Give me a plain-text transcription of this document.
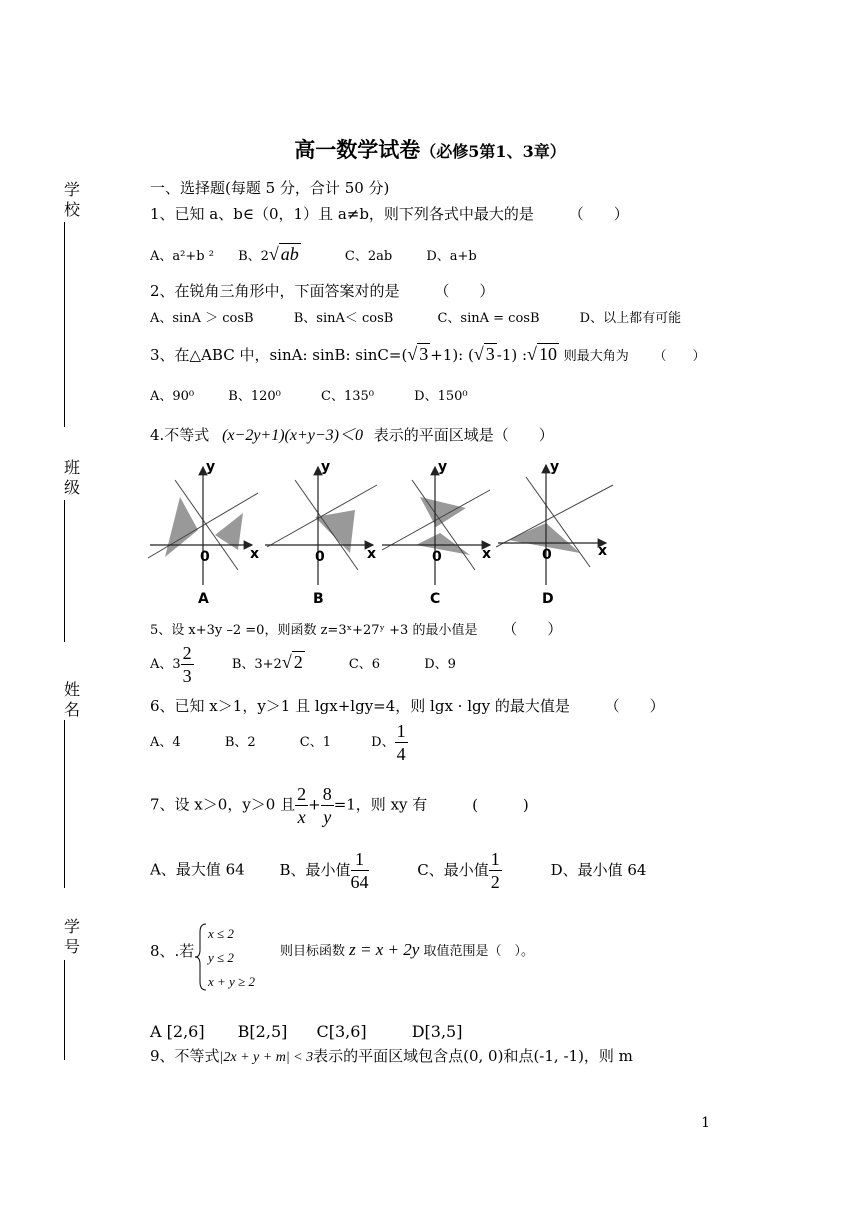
高一数学试卷（必修5第1、3章）
学
校
班
级
姓
名
学
号
一、选择题(每题 5 分，合计 50 分)
1、已知 a、b∈（0，1）且 a≠b，则下列各式中最大的是 （　　）
A、a²+b ² B、2√ ab	C、2ab	D、a+b
2、在锐角三角形中，下面答案对的是 （　　）
A、sinA ＞ cosB	B、sinA＜ cosB	C、sinA = cosB	D、以上都有可能
3、在△ABC 中，sinA: sinB: sinC=(√ 3 +1): (√ 3 -1) :√ 10 则最大角为 （　　）
A、90⁰	B、120⁰	C、135⁰	D、150⁰
4.不等式 (x−2y+1)(x+y−3)＜0 表示的平面区域是（　　）
y
x
0
A
y
x
0
B
y
x
0
C
y
x
0
D
5、设 x+3y –2 =0，则函数 z=3ˣ+27ʸ +3 的最小值是 （　　）
A、$3 \frac{2}{3}$	B、3+2√ 2	C、6	D、9
6、已知 x＞1，y＞1 且 lgx+lgy=4，则 lgx · lgy 的最大值是 （　　）
A、4	B、2	C、1	D、 $\frac{1}{4}$
7、设 x＞0，y＞0 且 $\frac{2}{x} + \frac{8}{y} =1$，则 xy 有	(　　　)
A、最大值 64 B、最小值 $\frac{1}{64}$	C、最小值 $\frac{1}{2}$	D、最小值 64
8、.若
x ≤ 2
y ≤ 2
x + y ≥ 2
则目标函数 z = x + 2y 取值范围是（　）。
A [2,6] B[2,5] C[3,6]	D[3,5]
9、不等式|2x + y + m| < 3表示的平面区域包含点(0, 0)和点(-1, -1)，则 m
1
